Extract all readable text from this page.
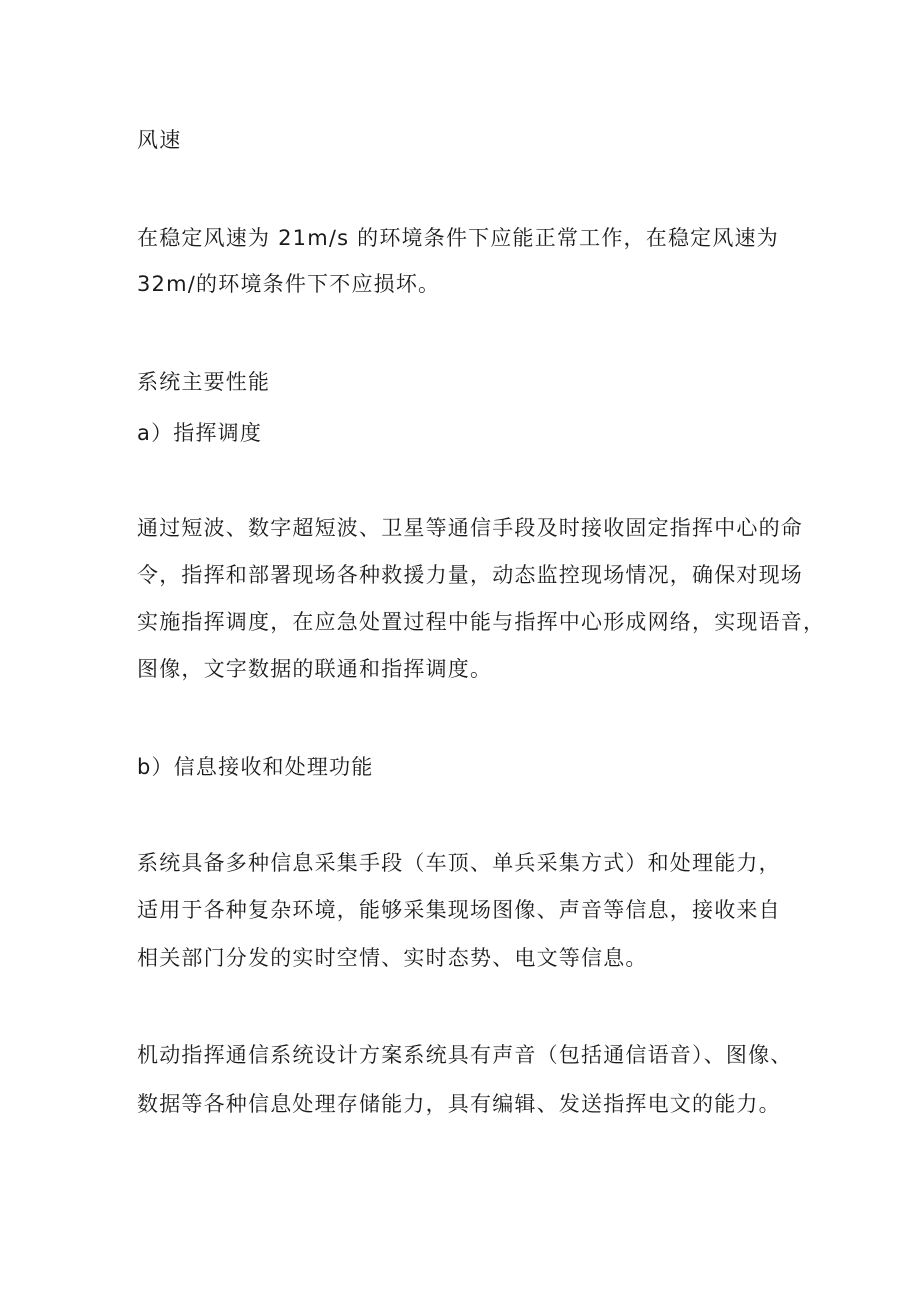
风速
在稳定风速为 21m∕s 的环境条件下应能正常工作，在稳定风速为
32m∕的环境条件下不应损坏。
系统主要性能
a）指挥调度
通过短波、数字超短波、卫星等通信手段及时接收固定指挥中心的命
令，指挥和部署现场各种救援力量，动态监控现场情况，确保对现场
实施指挥调度，在应急处置过程中能与指挥中心形成网络，实现语音，
图像，文字数据的联通和指挥调度。
b）信息接收和处理功能
系统具备多种信息采集手段（车顶、单兵采集方式）和处理能力，
适用于各种复杂环境，能够采集现场图像、声音等信息，接收来自
相关部门分发的实时空情、实时态势、电文等信息。
机动指挥通信系统设计方案系统具有声音（包括通信语音）、图像、
数据等各种信息处理存储能力，具有编辑、发送指挥电文的能力。
